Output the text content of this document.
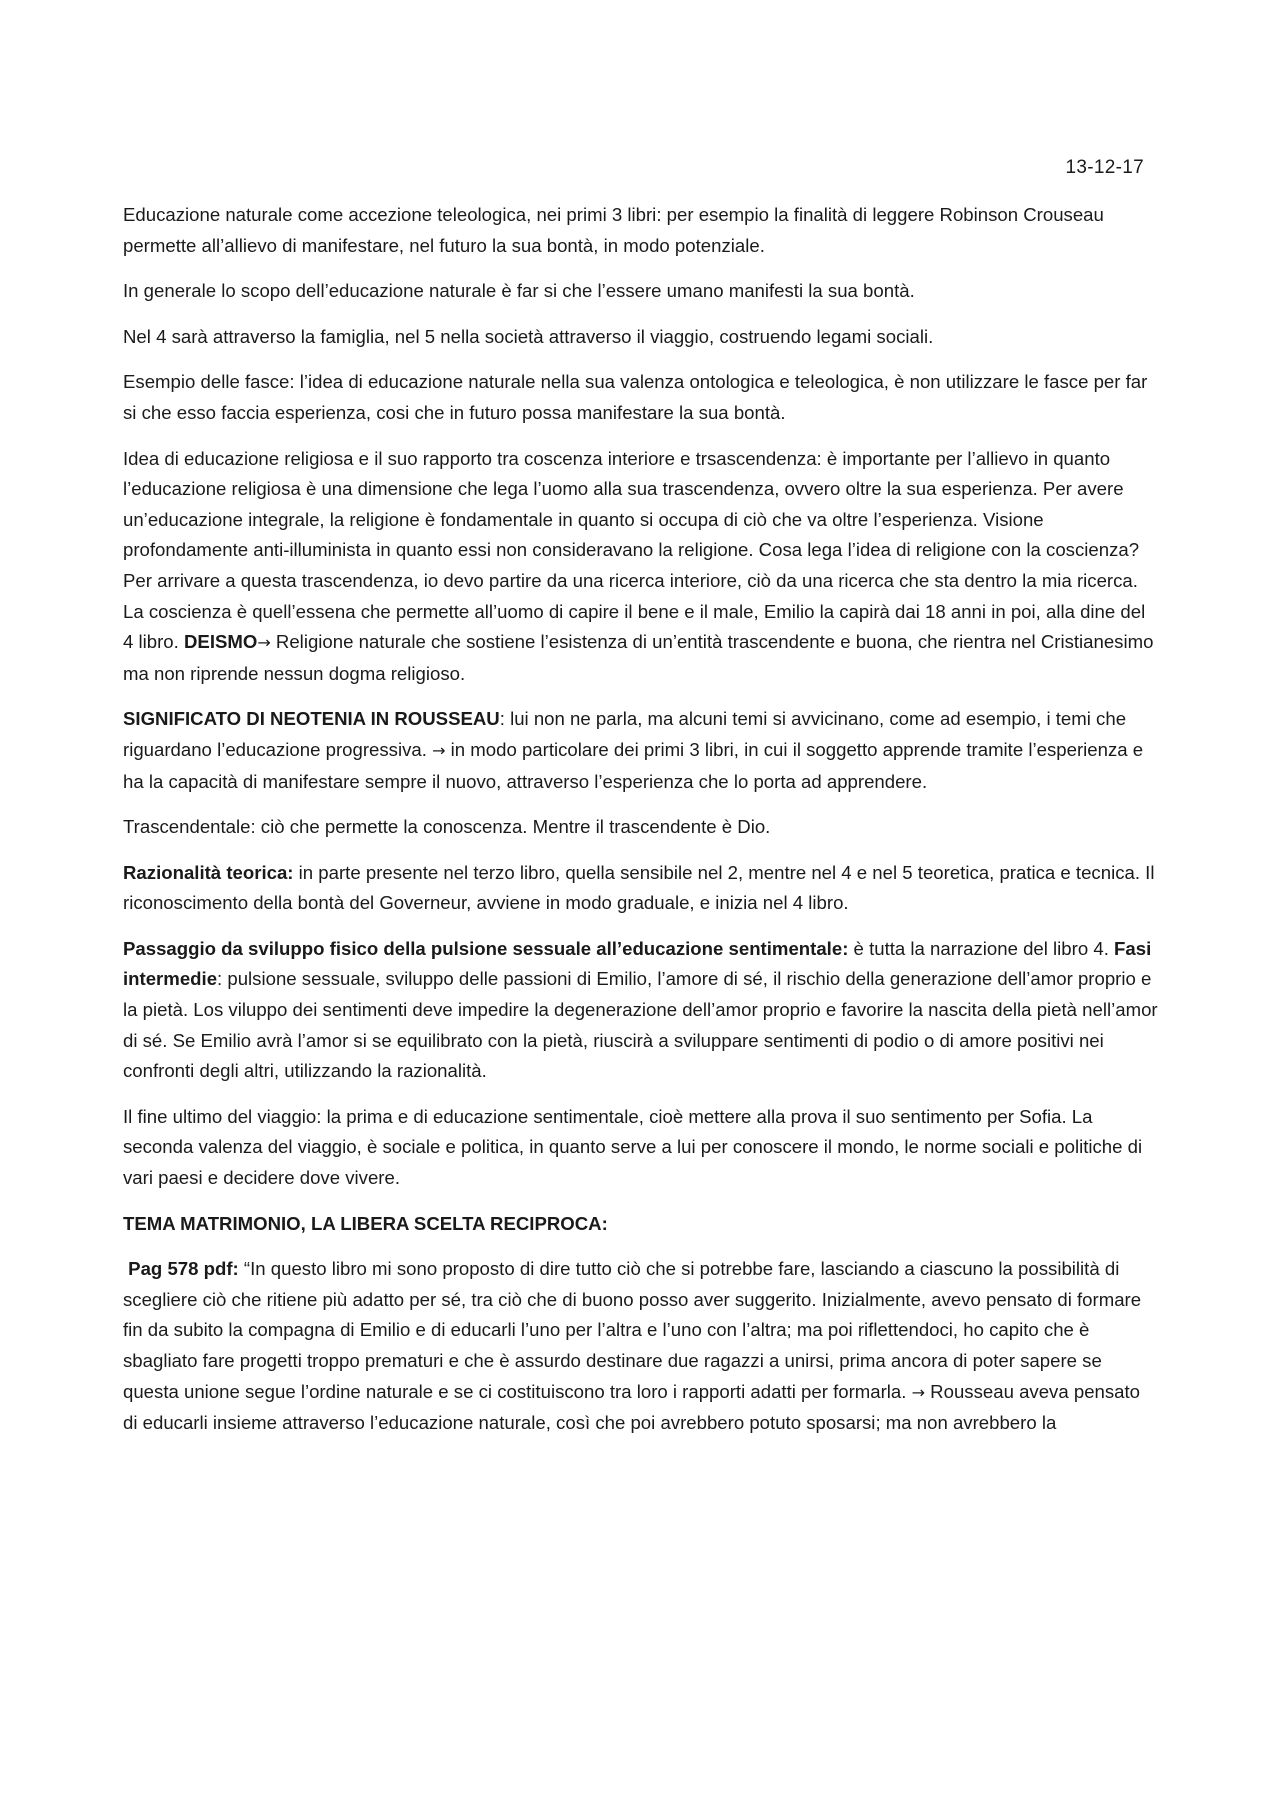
13-12-17

Educazione naturale come accezione teleologica, nei primi 3 libri: per esempio la finalità di leggere Robinson Crouseau permette all’allievo di manifestare, nel futuro la sua bontà, in modo potenziale.

In generale lo scopo dell’educazione naturale è far si che l’essere umano manifesti la sua bontà.

Nel 4 sarà attraverso la famiglia, nel 5 nella società attraverso il viaggio, costruendo legami sociali.

Esempio delle fasce: l’idea di educazione naturale nella sua valenza ontologica e teleologica, è non utilizzare le fasce per far si che esso faccia esperienza, cosi che in futuro possa manifestare la sua bontà.

Idea di educazione religiosa e il suo rapporto tra coscenza interiore e trsascendenza: è importante per l’allievo in quanto l’educazione religiosa è una dimensione che lega l’uomo alla sua trascendenza, ovvero oltre la sua esperienza. Per avere un’educazione integrale, la religione è fondamentale in quanto si occupa di ciò che va oltre l’esperienza. Visione profondamente anti-illuminista in quanto essi non consideravano la religione. Cosa lega l’idea di religione con la coscienza? Per arrivare a questa trascendenza, io devo partire da una ricerca interiore, ciò da una ricerca che sta dentro la mia ricerca. La coscienza è quell’essena che permette all’uomo di capire il bene e il male, Emilio la capirà dai 18 anni in poi, alla dine del 4 libro. DEISMO→ Religione naturale che sostiene l’esistenza di un’entità trascendente e buona, che rientra nel Cristianesimo ma non riprende nessun dogma religioso.

SIGNIFICATO DI NEOTENIA IN ROUSSEAU: lui non ne parla, ma alcuni temi si avvicinano, come ad esempio, i temi che riguardano l’educazione progressiva. → in modo particolare dei primi 3 libri, in cui il soggetto apprende tramite l’esperienza e ha la capacità di manifestare sempre il nuovo, attraverso l’esperienza che lo porta ad apprendere.

Trascendentale: ciò che permette la conoscenza. Mentre il trascendente è Dio.

Razionalità teorica: in parte presente nel terzo libro, quella sensibile nel 2, mentre nel 4 e nel 5 teoretica, pratica e tecnica. Il riconoscimento della bontà del Governeur, avviene in modo graduale, e inizia nel 4 libro.

Passaggio da sviluppo fisico della pulsione sessuale all’educazione sentimentale: è tutta la narrazione del libro 4. Fasi intermedie: pulsione sessuale, sviluppo delle passioni di Emilio, l’amore di sé, il rischio della generazione dell’amor proprio e la pietà. Los viluppo dei sentimenti deve impedire la degenerazione dell’amor proprio e favorire la nascita della pietà nell’amor di sé. Se Emilio avrà l’amor si se equilibrato con la pietà, riuscirà a sviluppare sentimenti di podio o di amore positivi nei confronti degli altri, utilizzando la razionalità.

Il fine ultimo del viaggio: la prima e di educazione sentimentale, cioè mettere alla prova il suo sentimento per Sofia. La seconda valenza del viaggio, è sociale e politica, in quanto serve a lui per conoscere il mondo, le norme sociali e politiche di vari paesi e decidere dove vivere.

TEMA MATRIMONIO, LA LIBERA SCELTA RECIPROCA:

Pag 578 pdf: “In questo libro mi sono proposto di dire tutto ciò che si potrebbe fare, lasciando a ciascuno la possibilità di scegliere ciò che ritiene più adatto per sé, tra ciò che di buono posso aver suggerito. Inizialmente, avevo pensato di formare fin da subito la compagna di Emilio e di educarli l’uno per l’altra e l’uno con l’altra; ma poi riflettendoci, ho capito che è sbagliato fare progetti troppo prematuri e che è assurdo destinare due ragazzi a unirsi, prima ancora di poter sapere se questa unione segue l’ordine naturale e se ci costituiscono tra loro i rapporti adatti per formarla. → Rousseau aveva pensato di educarli insieme attraverso l’educazione naturale, così che poi avrebbero potuto sposarsi; ma non avrebbero la
